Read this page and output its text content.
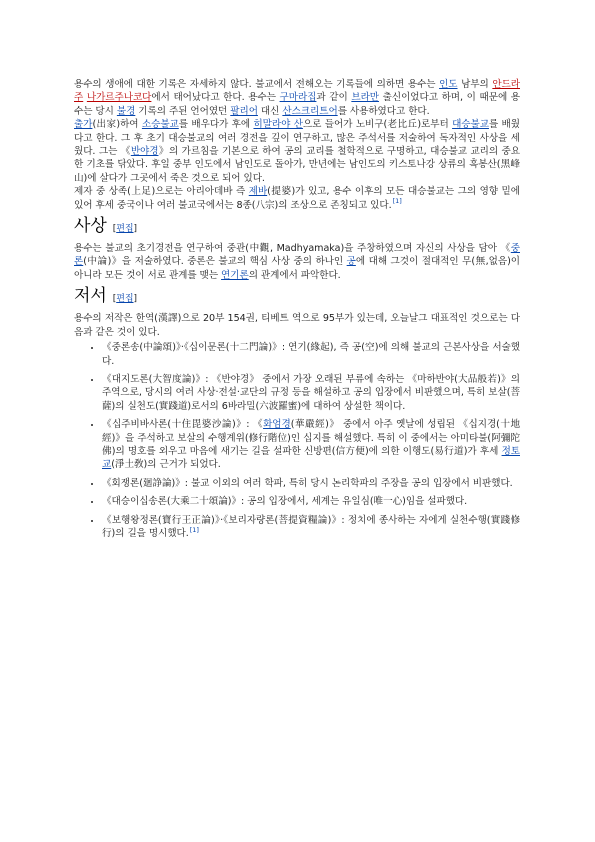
용수의 생애에 대한 기록은 자세하지 않다. 불교에서 전해오는 기록들에 의하면 용수는 인도 남부의 안드라 주 나가르주나코다에서 태어났다고 한다. 용수는 구마라집과 같이 브라만 출신이었다고 하며, 이 때문에 용수는 당시 불경 기록의 주된 언어였던 팔리어 대신 산스크리트어를 사용하였다고 한다.

출가(出家)하여 소승불교를 배우다가 후에 히말라야 산으로 들어가 노비구(老比丘)로부터 대승불교를 배웠다고 한다. 그 후 초기 대승불교의 여러 경전을 깊이 연구하고, 많은 주석서를 저술하여 독자적인 사상을 세웠다. 그는 《반야경》의 가르침을 기본으로 하여 공의 교리를 철학적으로 구명하고, 대승불교 교리의 중요한 기초를 닦았다. 후일 중부 인도에서 남인도로 돌아가, 만년에는 남인도의 키스토나강 상류의 흑봉산(黑峰山)에 살다가 그곳에서 죽은 것으로 되어 있다.

제자 중 상족(上足)으로는 아리아데바 즉 제바(提婆)가 있고, 용수 이후의 모든 대승불교는 그의 영향 밑에 있어 후세 중국이나 여러 불교국에서는 8종(八宗)의 조상으로 존칭되고 있다.[1]

사상 [편집]

용수는 불교의 초기경전을 연구하여 중관(中觀, Madhyamaka)을 주창하였으며 자신의 사상을 담아 《중론(中論)》을 저술하였다. 중론은 불교의 핵심 사상 중의 하나인 공에 대해 그것이 절대적인 무(無,없음)이 아니라 모든 것이 서로 관계를 맺는 연기론의 관계에서 파악한다.

저서 [편집]

용수의 저작은 한역(漢譯)으로 20부 154권, 티베트 역으로 95부가 있는데, 오늘날그 대표적인 것으로는 다음과 같은 것이 있다.

• 《중론송(中論頌)》·《십이문론(十二門論)》: 연기(緣起), 즉 공(空)에 의해 불교의 근본사상을 서술했다.
• 《대지도론(大智度論)》: 《반야경》 중에서 가장 오래된 부류에 속하는 《마하반야(大品般若)》의 주역으로, 당시의 여러 사상·전설·교단의 규정 등을 해설하고 공의 입장에서 비판했으며, 특히 보살(菩薩)의 실천도(實踐道)로서의 6바라밀(六波羅蜜)에 대하여 상설한 책이다.
• 《십주비바사론(十住毘婆沙論)》: 《화엄경(華嚴經)》 중에서 아주 옛날에 성립된 《십지경(十地經)》을 주석하고 보살의 수행계위(修行階位)인 십지를 해설했다. 특히 이 중에서는 아미타불(阿彌陀佛)의 명호를 외우고 마음에 새기는 길을 설파한 신방편(信方便)에 의한 이행도(易行道)가 후세 정토교(淨土敎)의 근거가 되었다.
• 《회쟁론(廻諍論)》: 불교 이외의 여러 학파, 특히 당시 논리학파의 주장을 공의 입장에서 비판했다.
• 《대승이십송론(大乘二十頌論)》: 공의 입장에서, 세계는 유일심(唯一心)임을 설파했다.
• 《보행왕정론(寶行王正論)》·《보리자량론(菩提資糧論)》: 정치에 종사하는 자에게 실천수행(實踐修行)의 길을 명시했다.[1]
